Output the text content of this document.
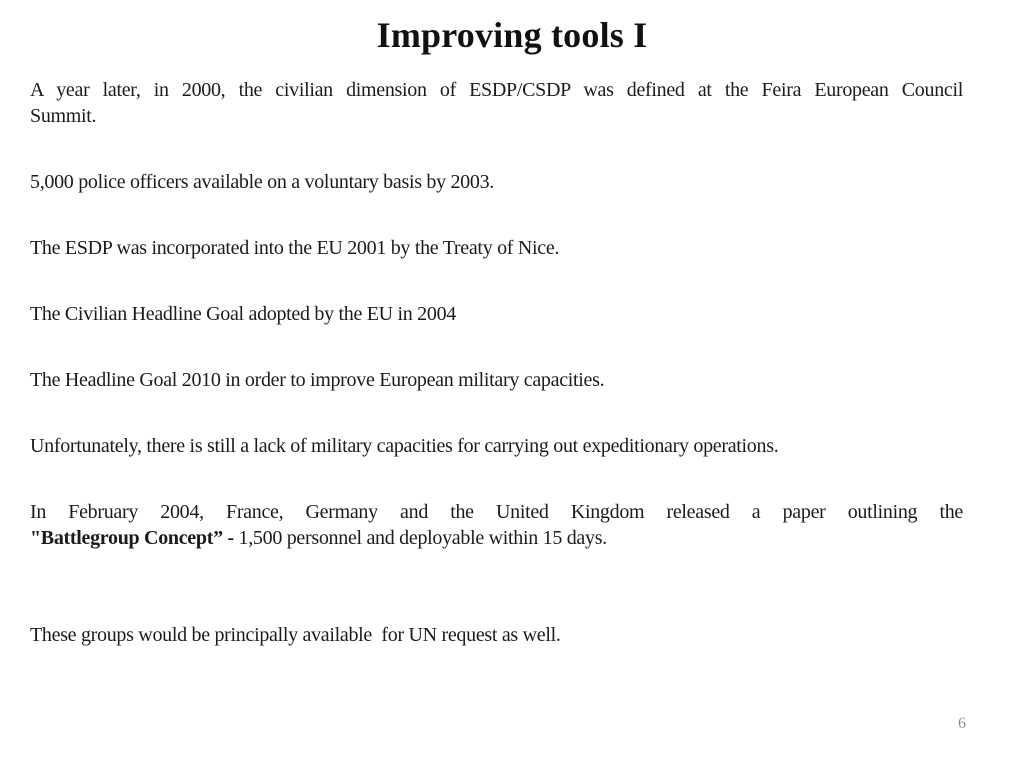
Improving tools I
A year later, in 2000, the civilian dimension of ESDP/CSDP was defined at the Feira European Council
Summit.
5,000 police officers available on a voluntary basis by 2003.
The ESDP was incorporated into the EU 2001 by the Treaty of Nice.
The Civilian Headline Goal adopted by the EU in 2004
The Headline Goal 2010 in order to improve European military capacities.
Unfortunately, there is still a lack of military capacities for carrying out expeditionary operations.
In February 2004, France, Germany and the United Kingdom released a paper outlining the
"Battlegroup Concept” - 1,500 personnel and deployable within 15 days.
These groups would be principally available  for UN request as well.
6
